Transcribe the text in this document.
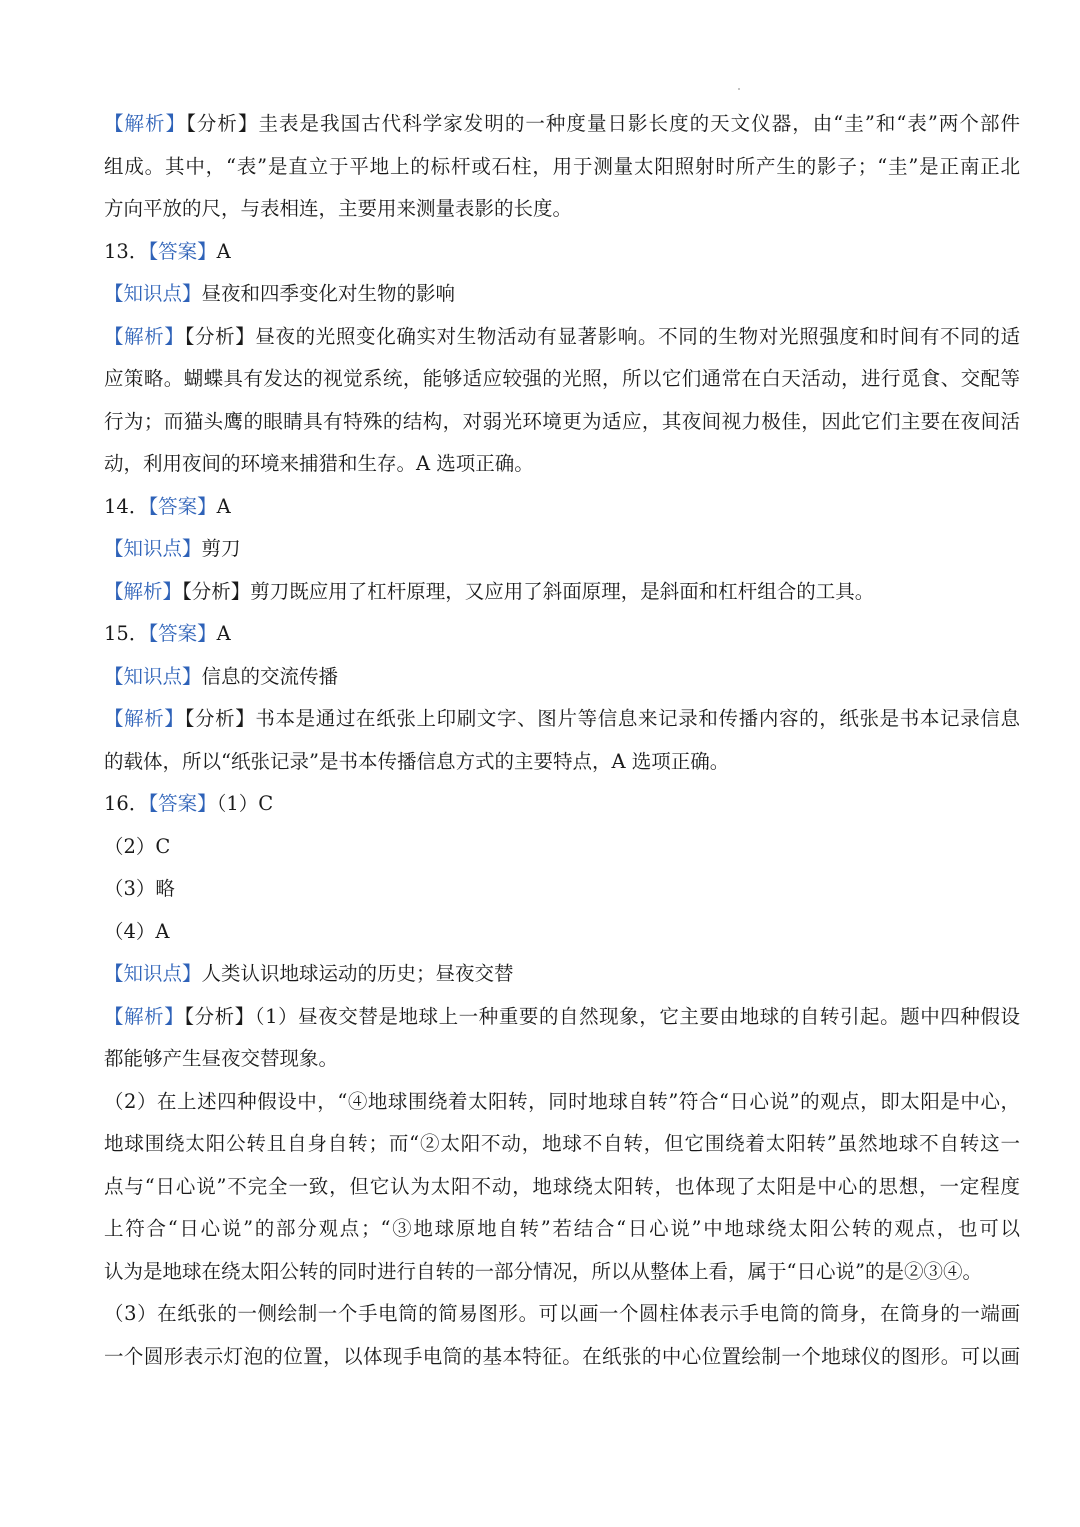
【解析】【分析】圭表是我国古代科学家发明的一种度量日影长度的天文仪器，由“圭”和“表”两个部件
组成。其中，“表”是直立于平地上的标杆或石柱，用于测量太阳照射时所产生的影子；“圭”是正南正北
方向平放的尺，与表相连，主要用来测量表影的长度。
13．【答案】A
【知识点】昼夜和四季变化对生物的影响
【解析】【分析】昼夜的光照变化确实对生物活动有显著影响。不同的生物对光照强度和时间有不同的适
应策略。蝴蝶具有发达的视觉系统，能够适应较强的光照，所以它们通常在白天活动，进行觅食、交配等
行为；而猫头鹰的眼睛具有特殊的结构，对弱光环境更为适应，其夜间视力极佳，因此它们主要在夜间活
动，利用夜间的环境来捕猎和生存。A 选项正确。
14．【答案】A
【知识点】剪刀
【解析】【分析】剪刀既应用了杠杆原理，又应用了斜面原理，是斜面和杠杆组合的工具。
15．【答案】A
【知识点】信息的交流传播
【解析】【分析】书本是通过在纸张上印刷文字、图片等信息来记录和传播内容的，纸张是书本记录信息
的载体，所以“纸张记录”是书本传播信息方式的主要特点，A 选项正确。
16．【答案】（1）C
（2）C
（3）略
（4）A
【知识点】人类认识地球运动的历史；昼夜交替
【解析】【分析】（1）昼夜交替是地球上一种重要的自然现象，它主要由地球的自转引起。题中四种假设
都能够产生昼夜交替现象。
（2）在上述四种假设中，“④地球围绕着太阳转，同时地球自转”符合“日心说”的观点，即太阳是中心，
地球围绕太阳公转且自身自转；而“②太阳不动，地球不自转，但它围绕着太阳转”虽然地球不自转这一
点与“日心说”不完全一致，但它认为太阳不动，地球绕太阳转，也体现了太阳是中心的思想，一定程度
上符合“日心说”的部分观点；“③地球原地自转”若结合“日心说”中地球绕太阳公转的观点，也可以
认为是地球在绕太阳公转的同时进行自转的一部分情况，所以从整体上看，属于“日心说”的是②③④。
（3）在纸张的一侧绘制一个手电筒的简易图形。可以画一个圆柱体表示手电筒的筒身，在筒身的一端画
一个圆形表示灯泡的位置，以体现手电筒的基本特征。在纸张的中心位置绘制一个地球仪的图形。可以画
